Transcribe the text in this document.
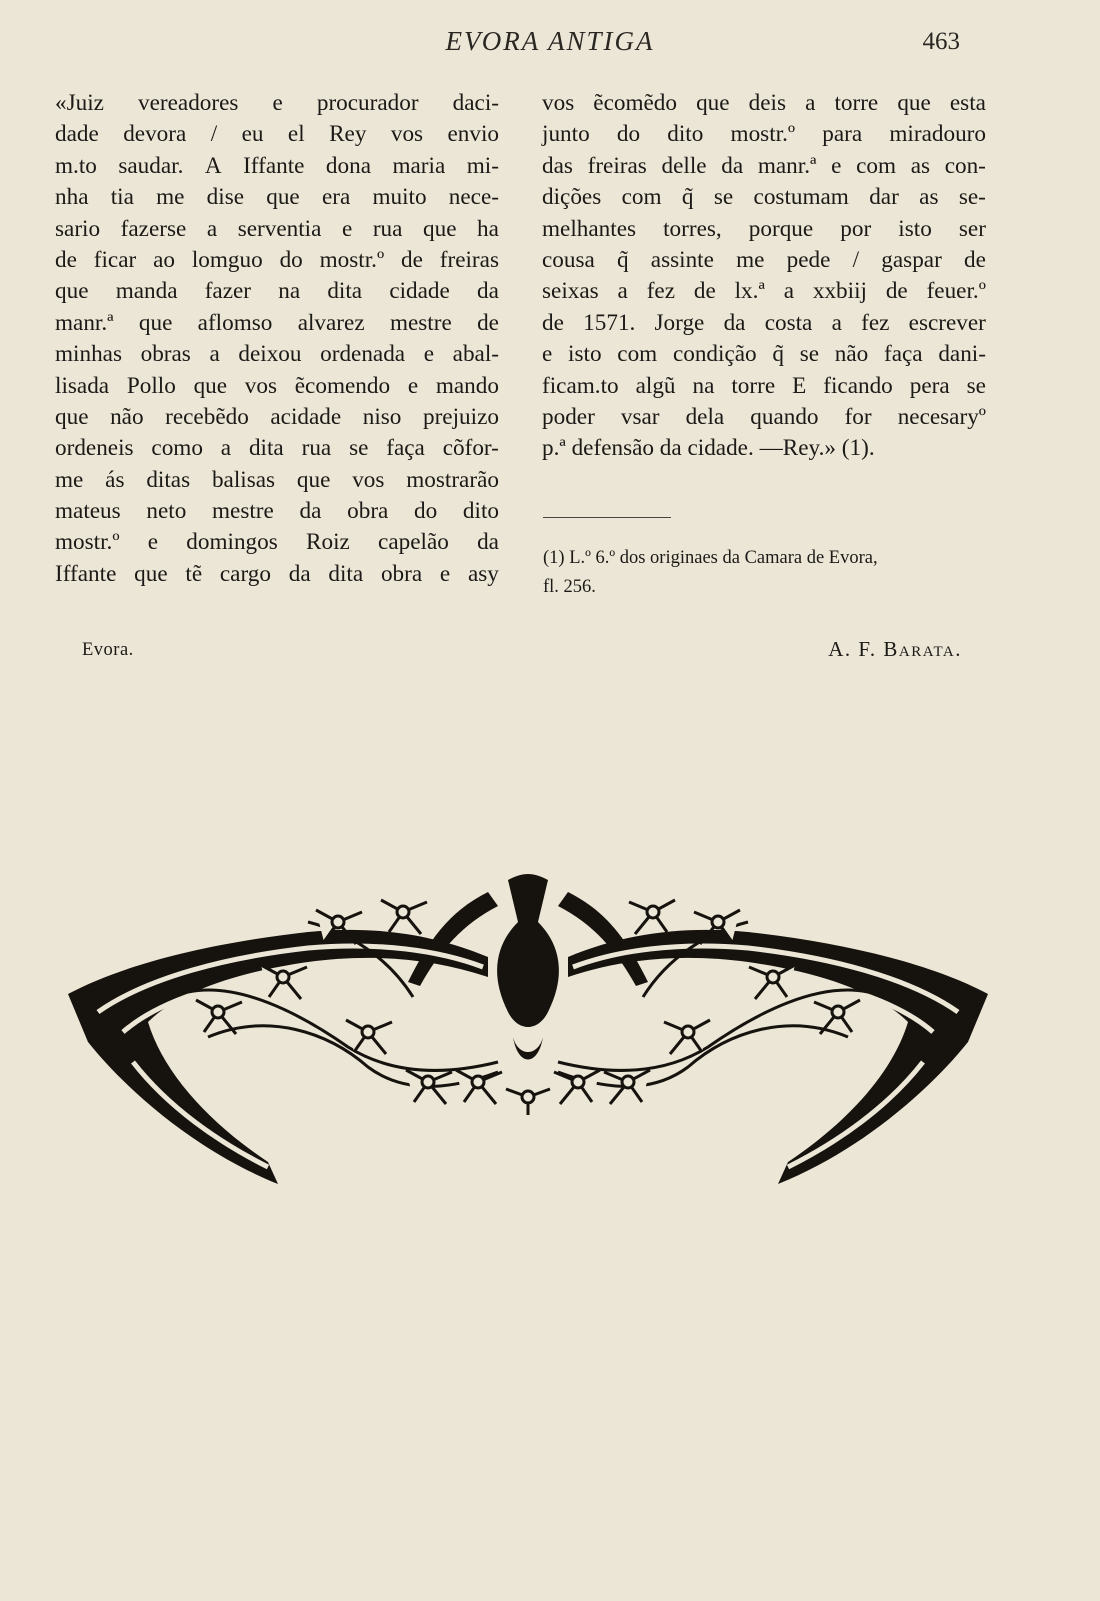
EVORA ANTIGA	463
«Juiz vereadores e procurador daci-
dade devora / eu el Rey vos envio
m.to saudar. A Iffante dona maria mi-
nha tia me dise que era muito nece-
sario fazerse a serventia e rua que ha
de ficar ao lomguo do mostr.º de freiras
que manda fazer na dita cidade da
manr.ª que aflomso alvarez mestre de
minhas obras a deixou ordenada e abal-
lisada Pollo que vos ẽcomendo e mando
que não recebẽdo acidade niso prejuizo
ordeneis como a dita rua se faça cõfor-
me ás ditas balisas que vos mostrarão
mateus neto mestre da obra do dito
mostr.º e domingos Roiz capelão da
Iffante que tẽ cargo da dita obra e asy
vos ẽcomẽdo que deis a torre que esta
junto do dito mostr.º para miradouro
das freiras delle da manr.ª e com as con-
dições com q̃ se costumam dar as se-
melhantes torres, porque por isto ser
cousa q̃ assinte me pede / gaspar de
seixas a fez de lx.ª a xxbiij de feuer.º
de 1571. Jorge da costa a fez escrever
e isto com condição q̃ se não faça dani-
ficam.to algũ na torre E ficando pera se
poder vsar dela quando for necesaryº
p.ª defensão da cidade. —Rey.» (1).
(1) L.º 6.º dos originaes da Camara de Evora,
fl. 256.
Evora.	A. F. Barata.
